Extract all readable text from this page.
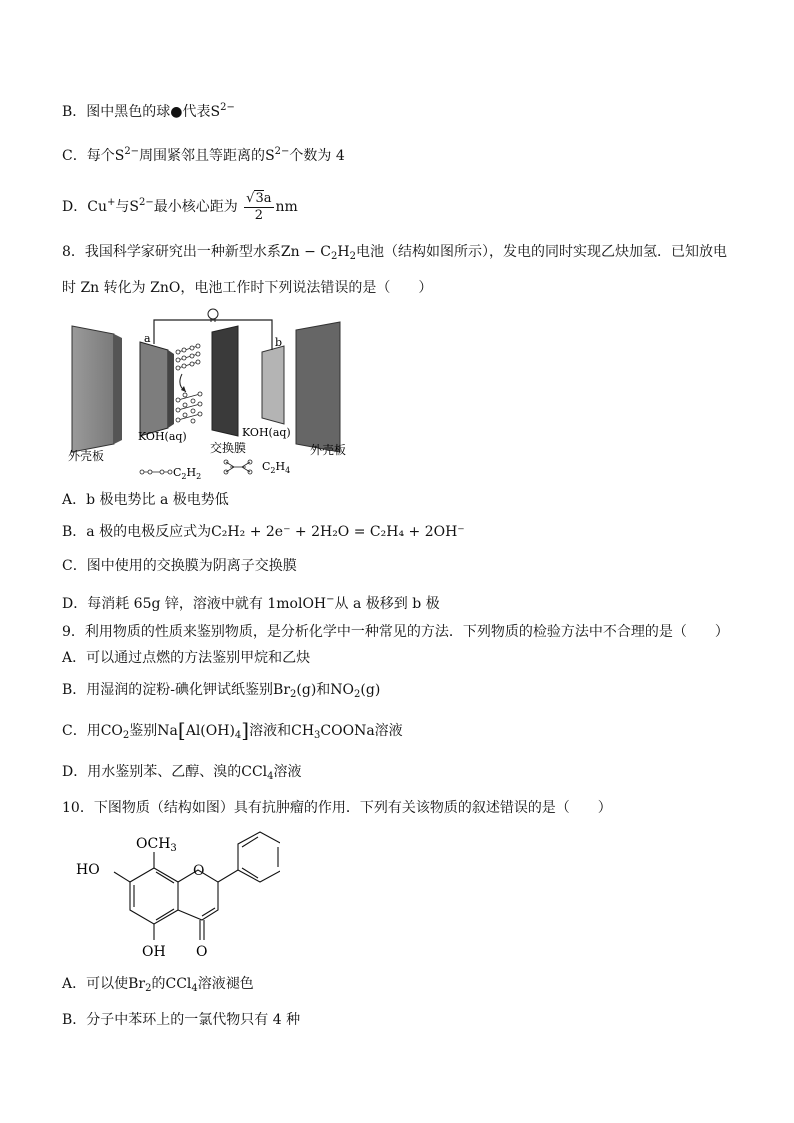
B．图中黑色的球●代表$S^{2-}$
C．每个$S^{2-}$周围紧邻且等距离的$S^{2-}$个数为 4
D．Cu+与$S^{2-}$最小核心距为 $\frac{√3a}{2}$ nm
8．我国科学家研究出一种新型水系$Zn - C_2H_2$电池（结构如图所示），发电的同时实现乙炔加氢．已知放电
时 Zn 转化为 ZnO，电池工作时下列说法错误的是（　　）
a	b
KOH(aq)	KOH(aq)
交换膜
外壳板	外壳板
$C_2H_2$
$C_2H_4$
A．b 极电势比 a 极电势低
B．a 极的电极反应式为C₂H₂ + 2e⁻ + 2H₂O = C₂H₄ + 2OH⁻
C．图中使用的交换膜为阴离子交换膜
D．每消耗 65g 锌，溶液中就有 1molOH−从 a 极移到 b 极
9．利用物质的性质来鉴别物质，是分析化学中一种常见的方法．下列物质的检验方法中不合理的是（　　）
A．可以通过点燃的方法鉴别甲烷和乙炔
B．用湿润的淀粉-碘化钾试纸鉴别$Br_2(g)$和$NO_2(g)$
C．用$CO_2$鉴别$Na[Al(OH)_4]$溶液和$CH_3COONa$溶液
D．用水鉴别苯、乙醇、溴的CCl$_4$溶液
10．下图物质（结构如图）具有抗肿瘤的作用．下列有关该物质的叙述错误的是（　　）
$OCH_3$
HO	O
OH O
A．可以使$Br_2$的CCl$_4$溶液褪色
B．分子中苯环上的一氯代物只有 4 种
